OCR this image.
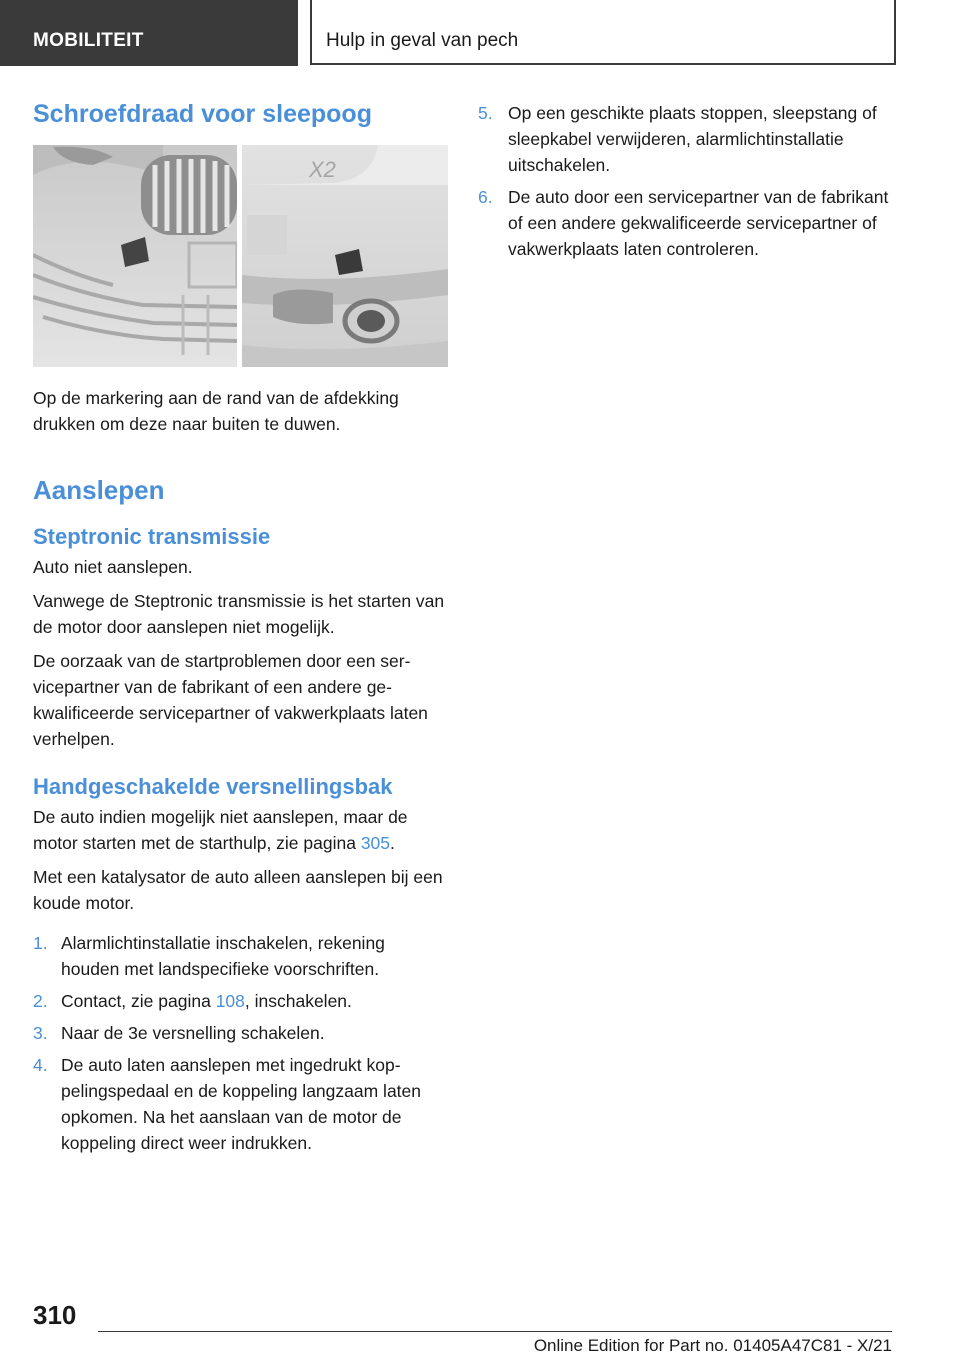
MOBILITEIT	Hulp in geval van pech
Schroefdraad voor sleepoog
X2

Op de markering aan de rand van de afdekking drukken om deze naar buiten te duwen.

Aanslepen
Steptronic transmissie

Auto niet aanslepen.

Vanwege de Steptronic transmissie is het starten van de motor door aanslepen niet mogelijk.

De oorzaak van de startproblemen door een servicepartner van de fabrikant of een andere gekwalificeerde servicepartner of vakwerkplaats laten verhelpen.

Handgeschakelde versnellingsbak

De auto indien mogelijk niet aanslepen, maar de motor starten met de starthulp, zie pagina 305.

Met een katalysator de auto alleen aanslepen bij een koude motor.

1. Alarmlichtinstallatie inschakelen, rekening houden met landspecifieke voorschriften.
2. Contact, zie pagina 108, inschakelen.
3. Naar de 3e versnelling schakelen.
4. De auto laten aanslepen met ingedrukt koppelingspedaal en de koppeling langzaam laten opkomen. Na het aanslaan van de motor de koppeling direct weer indrukken.
5. Op een geschikte plaats stoppen, sleepstang of sleepkabel verwijderen, alarmlichtinstallatie uitschakelen.
6. De auto door een servicepartner van de fabrikant of een andere gekwalificeerde servicepartner of vakwerkplaats laten controleren.
310
Online Edition for Part no. 01405A47C81 - X/21
